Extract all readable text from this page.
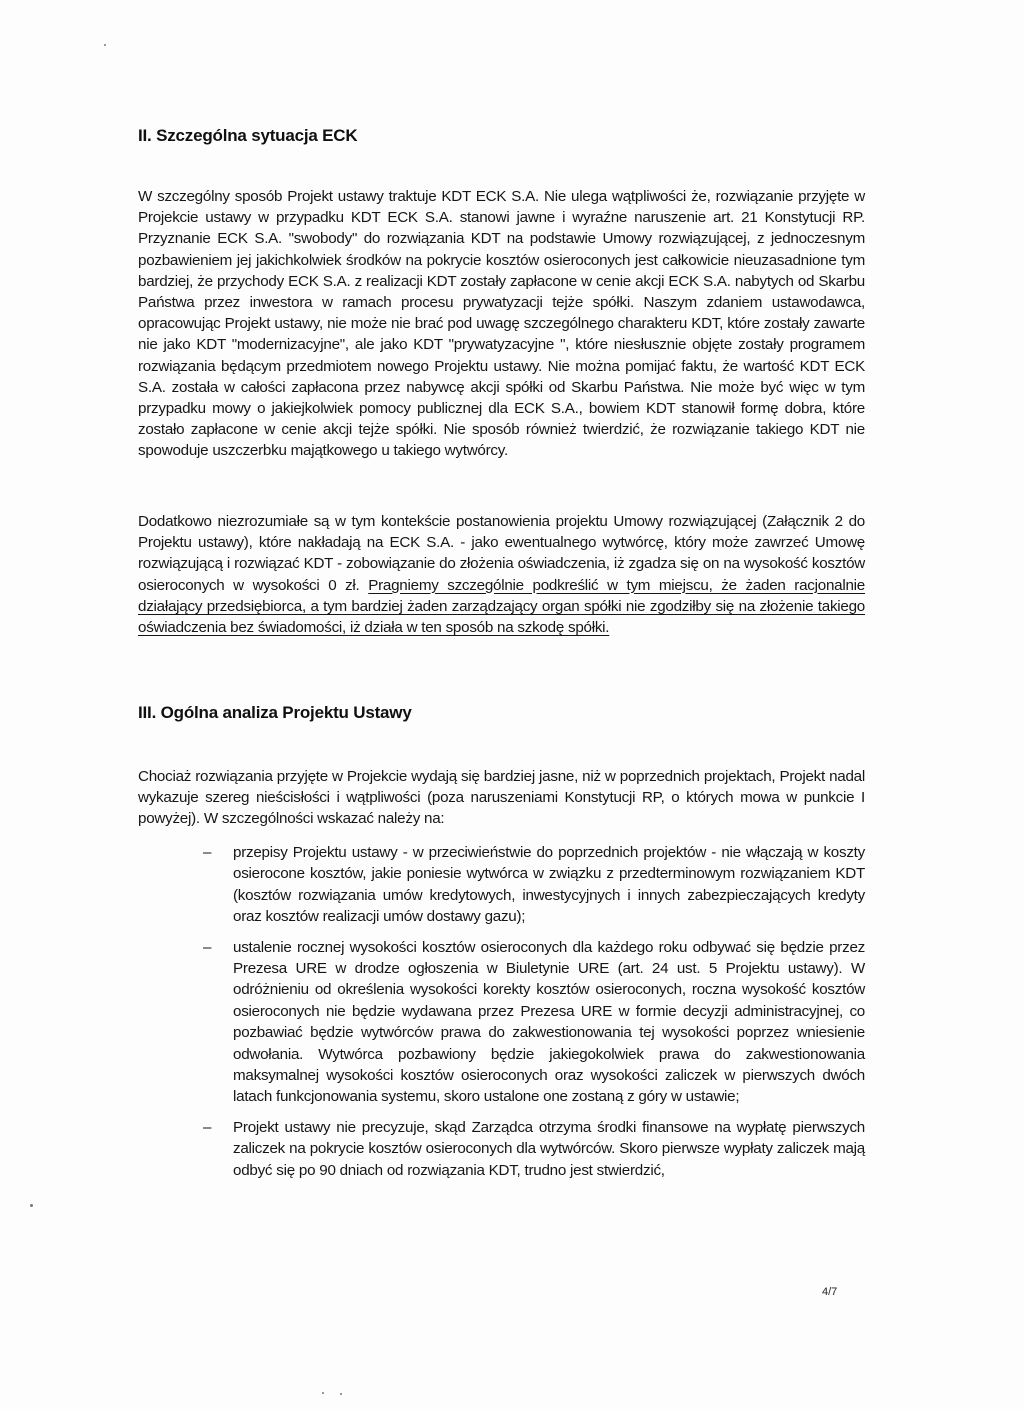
II. Szczególna sytuacja ECK

W szczególny sposób Projekt ustawy traktuje KDT ECK S.A. Nie ulega wątpliwości że, rozwiązanie przyjęte w Projekcie ustawy w przypadku KDT ECK S.A. stanowi jawne i wyraźne naruszenie art. 21 Konstytucji RP. Przyznanie ECK S.A. "swobody" do rozwiązania KDT na podstawie Umowy rozwiązującej, z jednoczesnym pozbawieniem jej jakichkolwiek środków na pokrycie kosztów osieroconych jest całkowicie nieuzasadnione tym bardziej, że przychody ECK S.A. z realizacji KDT zostały zapłacone w cenie akcji ECK S.A. nabytych od Skarbu Państwa przez inwestora w ramach procesu prywatyzacji tejże spółki. Naszym zdaniem ustawodawca, opracowując Projekt ustawy, nie może nie brać pod uwagę szczególnego charakteru KDT, które zostały zawarte nie jako KDT "modernizacyjne", ale jako KDT "prywatyzacyjne ", które niesłusznie objęte zostały programem rozwiązania będącym przedmiotem nowego Projektu ustawy. Nie można pomijać faktu, że wartość KDT ECK S.A. została w całości zapłacona przez nabywcę akcji spółki od Skarbu Państwa. Nie może być więc w tym przypadku mowy o jakiejkolwiek pomocy publicznej dla ECK S.A., bowiem KDT stanowił formę dobra, które zostało zapłacone w cenie akcji tejże spółki. Nie sposób również twierdzić, że rozwiązanie takiego KDT nie spowoduje uszczerbku majątkowego u takiego wytwórcy.

Dodatkowo niezrozumiałe są w tym kontekście postanowienia projektu Umowy rozwiązującej (Załącznik 2 do Projektu ustawy), które nakładają na ECK S.A. - jako ewentualnego wytwórcę, który może zawrzeć Umowę rozwiązującą i rozwiązać KDT - zobowiązanie do złożenia oświadczenia, iż zgadza się on na wysokość kosztów osieroconych w wysokości 0 zł. Pragniemy szczególnie podkreślić w tym miejscu, że żaden racjonalnie działający przedsiębiorca, a tym bardziej żaden zarządzający organ spółki nie zgodziłby się na złożenie takiego oświadczenia bez świadomości, iż działa w ten sposób na szkodę spółki.

III. Ogólna analiza Projektu Ustawy

Chociaż rozwiązania przyjęte w Projekcie wydają się bardziej jasne, niż w poprzednich projektach, Projekt nadal wykazuje szereg nieścisłości i wątpliwości (poza naruszeniami Konstytucji RP, o których mowa w punkcie I powyżej). W szczególności wskazać należy na:

– przepisy Projektu ustawy - w przeciwieństwie do poprzednich projektów - nie włączają w koszty osierocone kosztów, jakie poniesie wytwórca w związku z przedterminowym rozwiązaniem KDT (kosztów rozwiązania umów kredytowych, inwestycyjnych i innych zabezpieczających kredyty oraz kosztów realizacji umów dostawy gazu);
– ustalenie rocznej wysokości kosztów osieroconych dla każdego roku odbywać się będzie przez Prezesa URE w drodze ogłoszenia w Biuletynie URE (art. 24 ust. 5 Projektu ustawy). W odróżnieniu od określenia wysokości korekty kosztów osieroconych, roczna wysokość kosztów osieroconych nie będzie wydawana przez Prezesa URE w formie decyzji administracyjnej, co pozbawiać będzie wytwórców prawa do zakwestionowania tej wysokości poprzez wniesienie odwołania. Wytwórca pozbawiony będzie jakiegokolwiek prawa do zakwestionowania maksymalnej wysokości kosztów osieroconych oraz wysokości zaliczek w pierwszych dwóch latach funkcjonowania systemu, skoro ustalone one zostaną z góry w ustawie;
– Projekt ustawy nie precyzuje, skąd Zarządca otrzyma środki finansowe na wypłatę pierwszych zaliczek na pokrycie kosztów osieroconych dla wytwórców. Skoro pierwsze wypłaty zaliczek mają odbyć się po 90 dniach od rozwiązania KDT, trudno jest stwierdzić,
4/7
